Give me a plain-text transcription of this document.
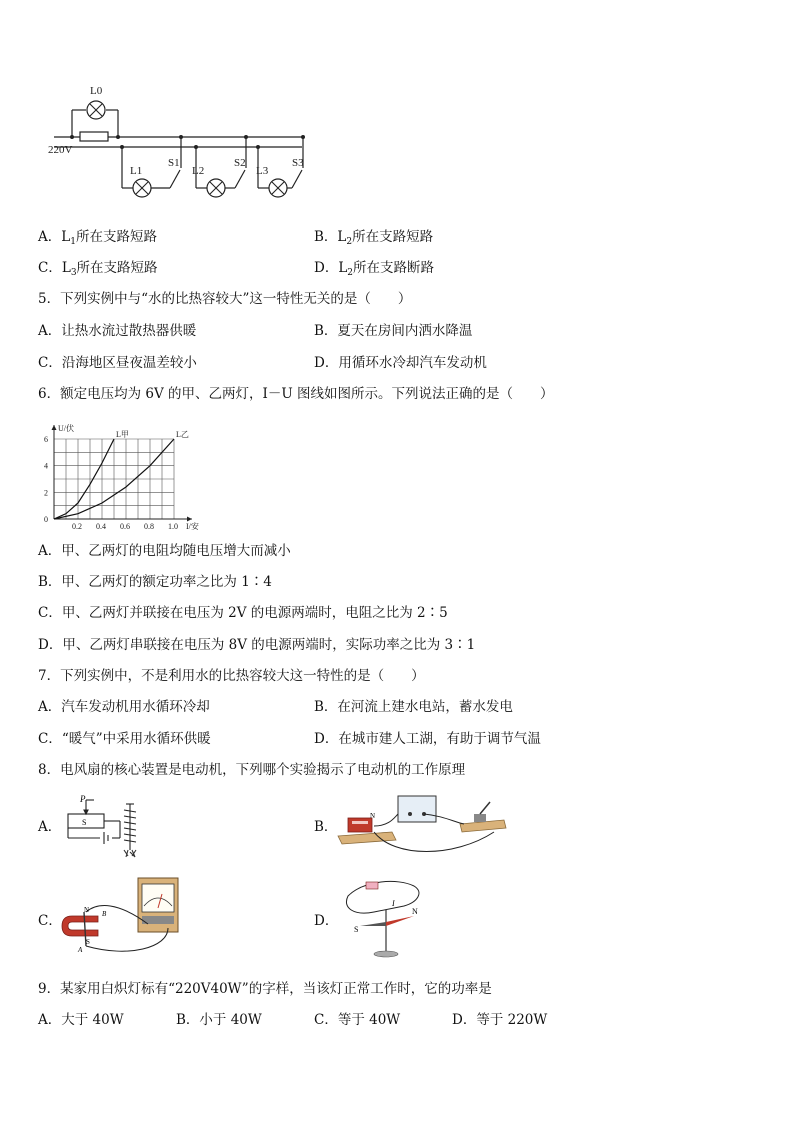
220V
L0
L1
S1
L2
S2
L3
S3
A．$L_1$所在支路短路	B．$L_2$所在支路短路
C．$L_3$所在支路短路	D．$L_2$所在支路断路
5．下列实例中与“水的比热容较大”这一特性无关的是（　　）
A．让热水流过散热器供暖	B．夏天在房间内洒水降温
C．沿海地区昼夜温差较小	D．用循环水冷却汽车发动机
6．额定电压均为 6V 的甲、乙两灯，I－U 图线如图所示。下列说法正确的是（　　）
0.2 0.4 0.6 0.8 1.0
0
2
4
6
I/安
U/伏
L甲	L乙
A．甲、乙两灯的电阻均随电压增大而减小
B．甲、乙两灯的额定功率之比为 1∶4
C．甲、乙两灯并联接在电压为 2V 的电源两端时，电阻之比为 2∶5
D．甲、乙两灯串联接在电压为 8V 的电源两端时，实际功率之比为 3∶1
7．下列实例中，不是利用水的比热容较大这一特性的是（　　）
A．汽车发动机用水循环冷却	B．在河流上建水电站，蓄水发电
C．“暖气”中采用水循环供暖	D．在城市建人工湖，有助于调节气温
8．电风扇的核心装置是电动机，下列哪个实验揭示了电动机的工作原理
A．
P
S	B．
N
C．
N
S
A
B	D．
I
N
S
9．某家用白炽灯标有“220V40W”的字样，当该灯正常工作时，它的功率是
A．大于 40W	B．小于 40W	C．等于 40W	D．等于 220W
